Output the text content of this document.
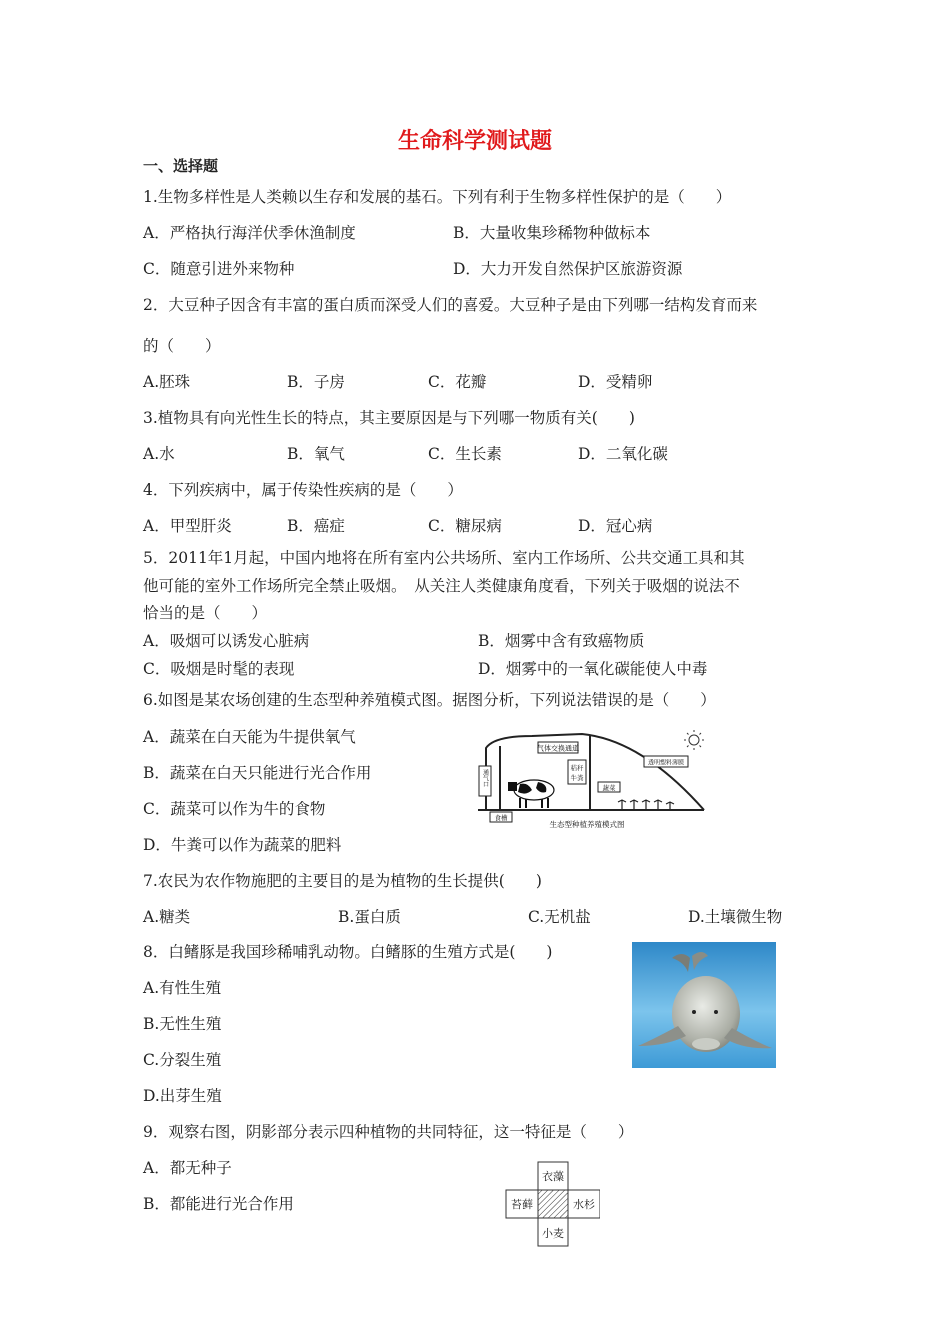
生命科学测试题
一、选择题
1.生物多样性是人类赖以生存和发展的基石。下列有利于生物多样性保护的是（　　）
A．严格执行海洋伏季休渔制度	B．大量收集珍稀物种做标本
C．随意引进外来物种	D．大力开发自然保护区旅游资源
2．大豆种子因含有丰富的蛋白质而深受人们的喜爱。大豆种子是由下列哪一结构发育而来
的（　　）
A.胚珠	B．子房	C．花瓣	D．受精卵
3.植物具有向光性生长的特点，其主要原因是与下列哪一物质有关(　　)
A.水	B．氧气	C．生长素	D．二氧化碳
4．下列疾病中，属于传染性疾病的是（　　）
A．甲型肝炎	B．癌症	C．糖尿病	D．冠心病
5．2011年1月起，中国内地将在所有室内公共场所、室内工作场所、公共交通工具和其
他可能的室外工作场所完全禁止吸烟。　从关注人类健康角度看，下列关于吸烟的说法不
恰当的是（　　）
A．吸烟可以诱发心脏病	B．烟雾中含有致癌物质
C．吸烟是时髦的表现	D．烟雾中的一氧化碳能使人中毒
6.如图是某农场创建的生态型种养殖模式图。据图分析，下列说法错误的是（　　）
A．蔬菜在白天能为牛提供氧气
B．蔬菜在白天只能进行光合作用
C．蔬菜可以作为牛的食物
D．牛粪可以作为蔬菜的肥料
气体交换通道
透明塑料薄膜
通气口
秸秆
牛粪
蔬菜
食槽
生态型种植养殖模式图
7.农民为农作物施肥的主要目的是为植物的生长提供(　　)
A.糖类	B.蛋白质	C.无机盐	D.土壤微生物
8．白鳍豚是我国珍稀哺乳动物。白鳍豚的生殖方式是(　　)
A.有性生殖
B.无性生殖
C.分裂生殖
D.出芽生殖
9．观察右图，阴影部分表示四种植物的共同特征，这一特征是（　　）
A．都无种子
B．都能进行光合作用
衣藻
苔藓	水杉
小麦
